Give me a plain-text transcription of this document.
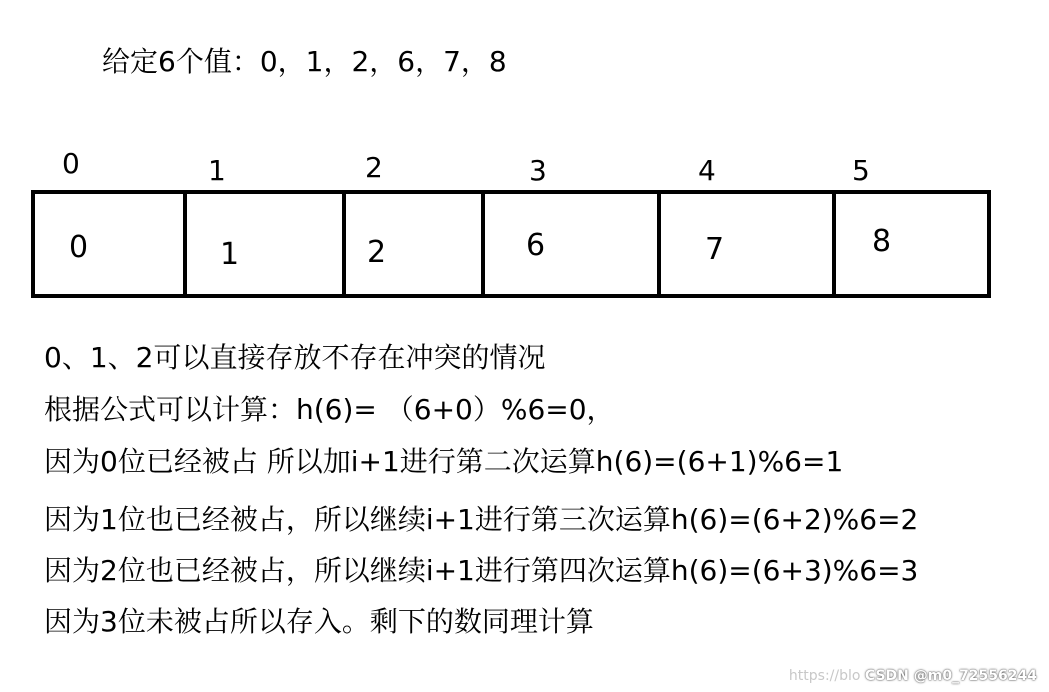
给定6个值：0，1，2，6，7，8
0	1	2	3	4	5
0	1	2	6	7	8
0、1、2可以直接存放不存在冲突的情况
根据公式可以计算：h(6)= （6+0）%6=0，
因为0位已经被占 所以加i+1进行第二次运算h(6)=(6+1)%6=1
因为1位也已经被占，所以继续i+1进行第三次运算h(6)=(6+2)%6=2
因为2位也已经被占，所以继续i+1进行第四次运算h(6)=(6+3)%6=3
因为3位未被占所以存入。剩下的数同理计算
https://blo CSDN @m0_72556244
